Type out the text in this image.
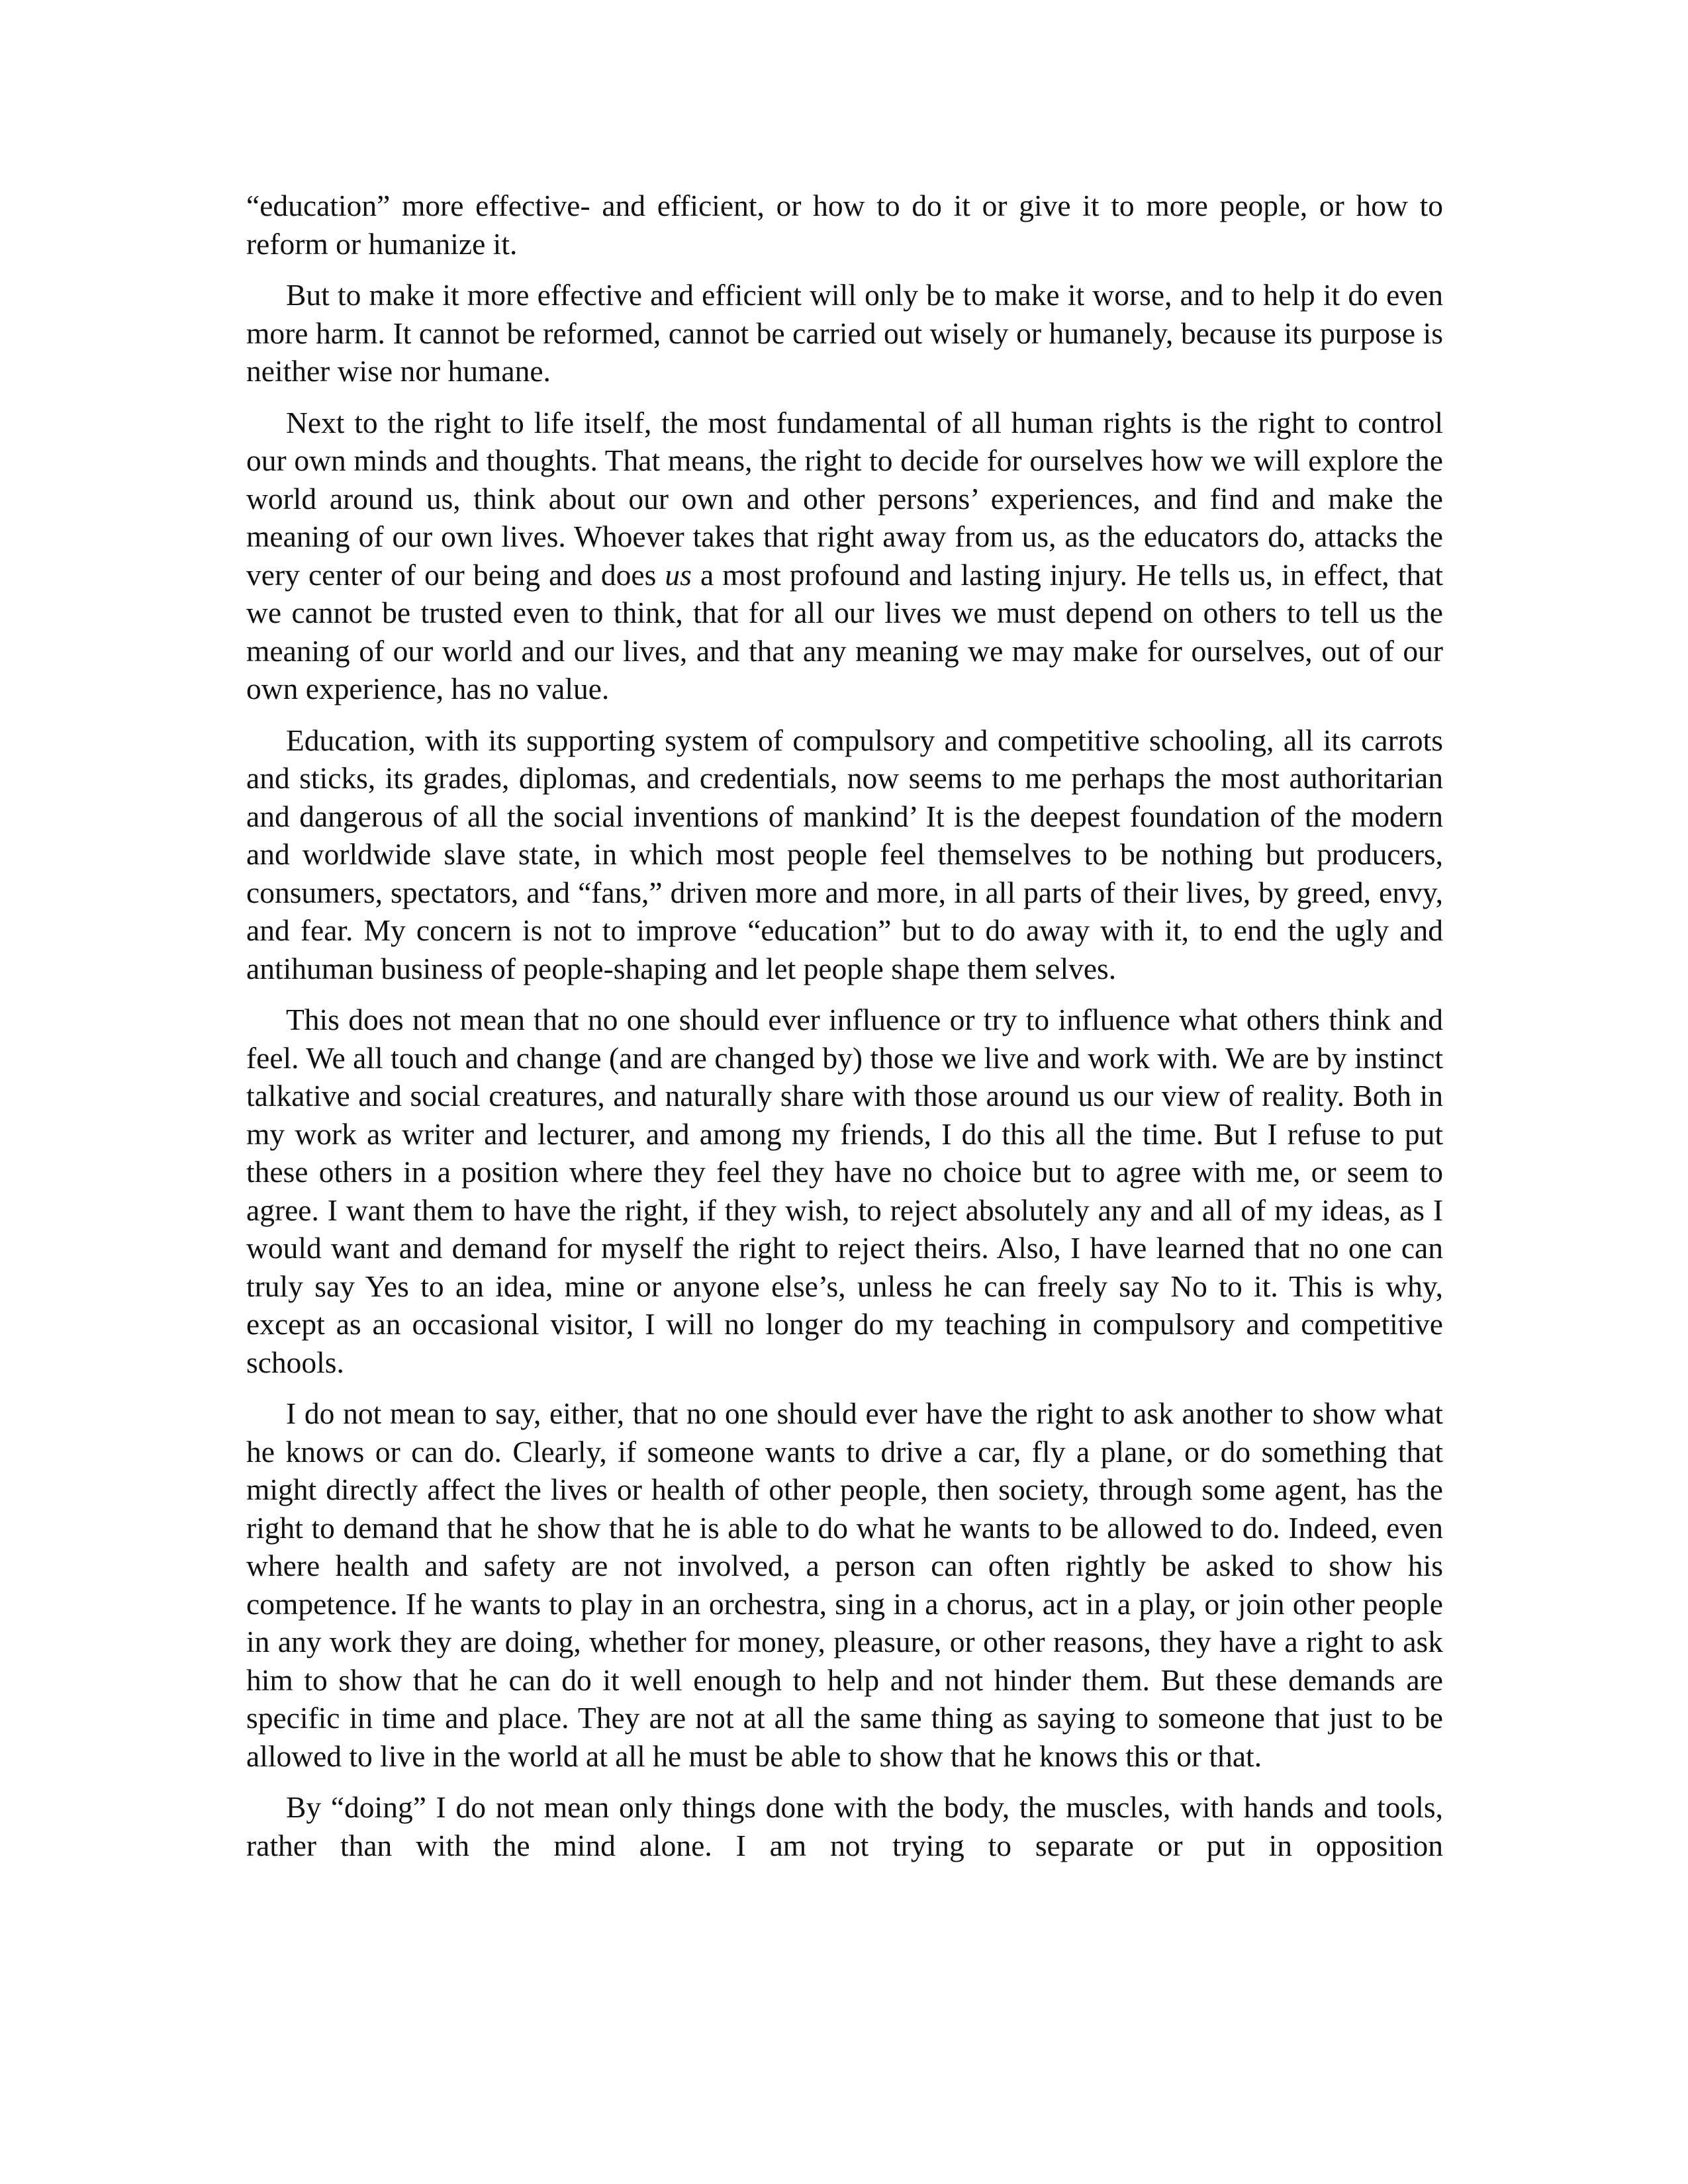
“education” more effective- and efficient, or how to do it or give it to more people, or how to reform or humanize it.

But to make it more effective and efficient will only be to make it worse, and to help it do even more harm. It cannot be reformed, cannot be carried out wisely or humanely, because its purpose is neither wise nor humane.

Next to the right to life itself, the most fundamental of all human rights is the right to control our own minds and thoughts. That means, the right to decide for ourselves how we will explore the world around us, think about our own and other persons’ experiences, and find and make the meaning of our own lives. Whoever takes that right away from us, as the educators do, attacks the very center of our being and does us a most profound and lasting injury. He tells us, in effect, that we cannot be trusted even to think, that for all our lives we must depend on others to tell us the meaning of our world and our lives, and that any meaning we may make for ourselves, out of our own experience, has no value.

Education, with its supporting system of compulsory and competitive schooling, all its carrots and sticks, its grades, diplomas, and credentials, now seems to me perhaps the most authoritarian and dangerous of all the social inventions of mankind’ It is the deepest foundation of the modern and worldwide slave state, in which most people feel themselves to be nothing but producers, consumers, spectators, and “fans,” driven more and more, in all parts of their lives, by greed, envy, and fear. My concern is not to improve “education” but to do away with it, to end the ugly and antihuman business of people-shaping and let people shape them selves.

This does not mean that no one should ever influence or try to influence what others think and feel. We all touch and change (and are changed by) those we live and work with. We are by instinct talkative and social creatures, and naturally share with those around us our view of reality. Both in my work as writer and lecturer, and among my friends, I do this all the time. But I refuse to put these others in a position where they feel they have no choice but to agree with me, or seem to agree. I want them to have the right, if they wish, to reject absolutely any and all of my ideas, as I would want and demand for myself the right to reject theirs. Also, I have learned that no one can truly say Yes to an idea, mine or anyone else’s, unless he can freely say No to it. This is why, except as an occasional visitor, I will no longer do my teaching in compulsory and competitive schools.

I do not mean to say, either, that no one should ever have the right to ask another to show what he knows or can do. Clearly, if someone wants to drive a car, fly a plane, or do something that might directly affect the lives or health of other people, then society, through some agent, has the right to demand that he show that he is able to do what he wants to be allowed to do. Indeed, even where health and safety are not involved, a person can often rightly be asked to show his competence. If he wants to play in an orchestra, sing in a chorus, act in a play, or join other people in any work they are doing, whether for money, pleasure, or other reasons, they have a right to ask him to show that he can do it well enough to help and not hinder them. But these demands are specific in time and place. They are not at all the same thing as saying to someone that just to be allowed to live in the world at all he must be able to show that he knows this or that.

By “doing” I do not mean only things done with the body, the muscles, with hands and tools, rather than with the mind alone. I am not trying to separate or put in opposition
